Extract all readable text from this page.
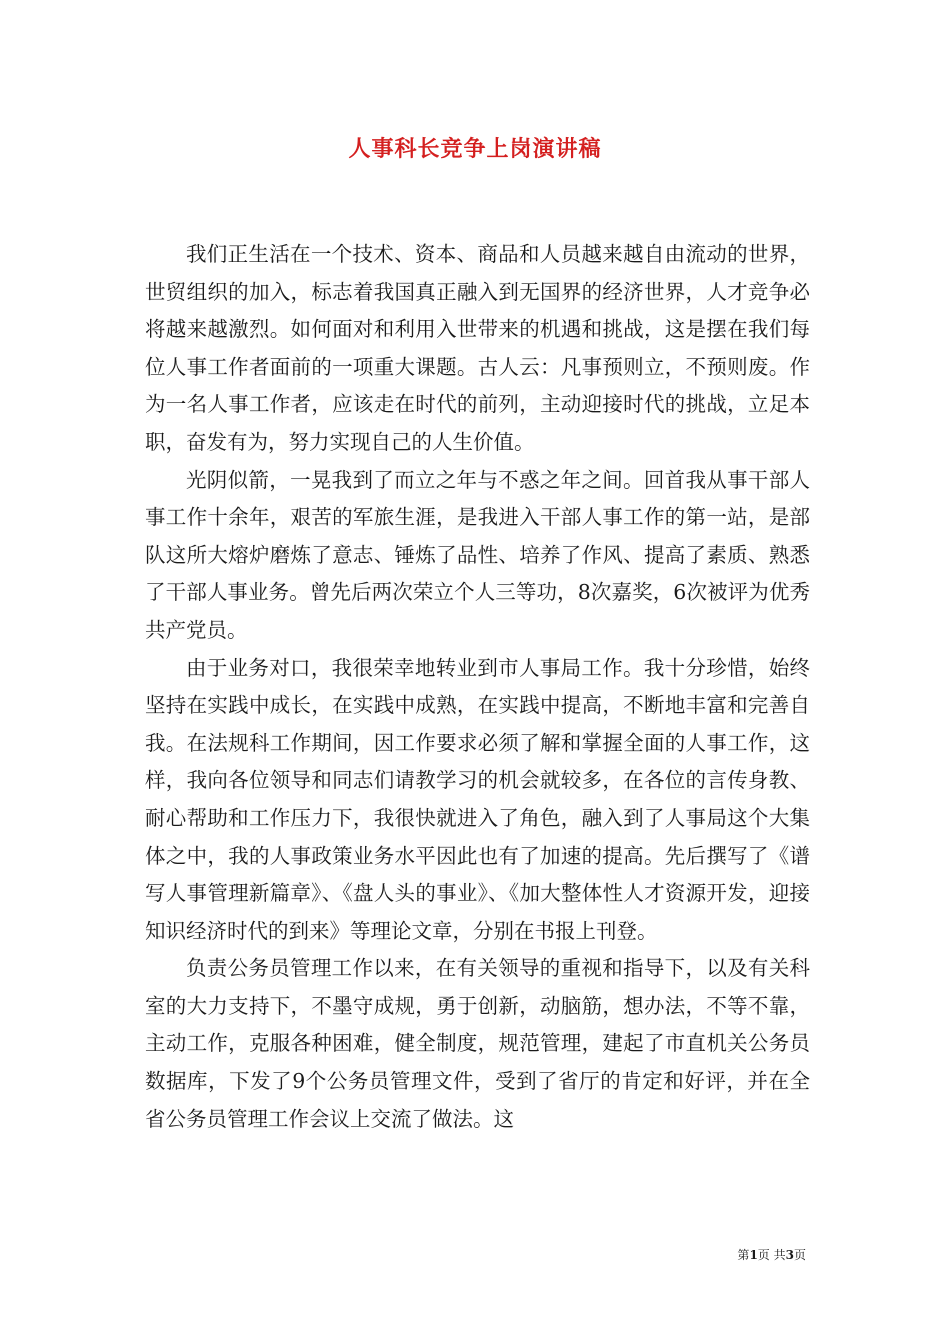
人事科长竞争上岗演讲稿

我们正生活在一个技术、资本、商品和人员越来越自由流动的世界，世贸组织的加入，标志着我国真正融入到无国界的经济世界，人才竞争必将越来越激烈。如何面对和利用入世带来的机遇和挑战，这是摆在我们每位人事工作者面前的一项重大课题。古人云：凡事预则立，不预则废。作为一名人事工作者，应该走在时代的前列，主动迎接时代的挑战，立足本职，奋发有为，努力实现自己的人生价值。

光阴似箭，一晃我到了而立之年与不惑之年之间。回首我从事干部人事工作十余年，艰苦的军旅生涯，是我进入干部人事工作的第一站，是部队这所大熔炉磨炼了意志、锤炼了品性、培养了作风、提高了素质、熟悉了干部人事业务。曾先后两次荣立个人三等功，8次嘉奖，6次被评为优秀共产党员。

由于业务对口，我很荣幸地转业到市人事局工作。我十分珍惜，始终坚持在实践中成长，在实践中成熟，在实践中提高，不断地丰富和完善自我。在法规科工作期间，因工作要求必须了解和掌握全面的人事工作，这样，我向各位领导和同志们请教学习的机会就较多，在各位的言传身教、耐心帮助和工作压力下，我很快就进入了角色，融入到了人事局这个大集体之中，我的人事政策业务水平因此也有了加速的提高。先后撰写了《谱写人事管理新篇章》、《盘人头的事业》、《加大整体性人才资源开发，迎接知识经济时代的到来》等理论文章，分别在书报上刊登。

负责公务员管理工作以来，在有关领导的重视和指导下，以及有关科室的大力支持下，不墨守成规，勇于创新，动脑筋，想办法，不等不靠，主动工作，克服各种困难，健全制度，规范管理，建起了市直机关公务员数据库，下发了9个公务员管理文件，受到了省厅的肯定和好评，并在全省公务员管理工作会议上交流了做法。这

第1页 共3页
